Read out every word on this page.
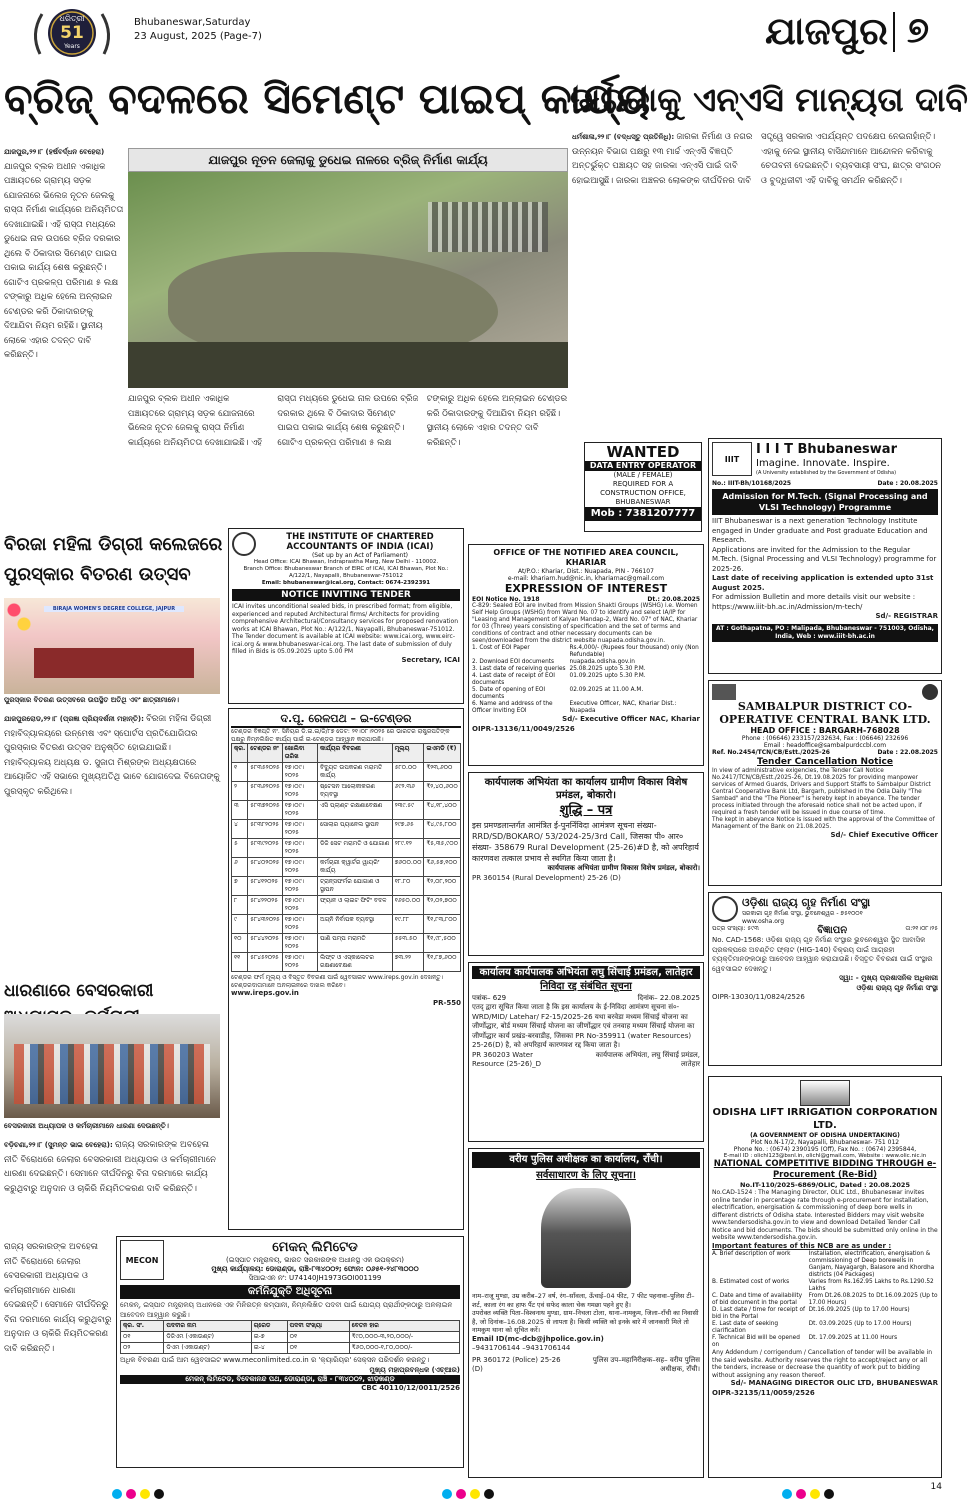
ଧରିତ୍ରୀ
51
Years
Bhubaneswar,Saturday
23 August, 2025 (Page-7)	ଯାଜପୁର ୭
ବ୍ରିଜ୍ ବଦଳରେ ସିମେଣ୍ଟ ପାଇପ୍ କାର୍ଯ୍ୟ
ଜାରକାକୁ ଏନ୍‌ଏସି ମାନ୍ୟତା ଦାବି
ଯାଜପୁର,୨୨।୮ (ହର୍ଷବର୍ଦ୍ଧନ ବେହେରା)
ଯାଜପୁର ବ୍ଲକ ଅଧୀନ ଏକାଧିକ ପଞ୍ଚାୟତରେ ଗ୍ରାମ୍ୟ ସଡ଼କ ଯୋଜନାରେ ଭିଲେଜ ନୂତନ ଜେଲକୁ ରାସ୍ତା ନିର୍ମାଣ କାର୍ଯ୍ୟରେ ଅନିୟମିତତା ଦେଖାଯାଇଛି। ଏହି ରାସ୍ତା ମଧ୍ୟରେ ଡୁଧେଇ ନାଳ ଉପରେ ବ୍ରିଜ ଦରକାର ଥିଲେ ବି ଠିକାଦାର ସିମେଣ୍ଟ ପାଇପ ପକାଇ କାର୍ଯ୍ୟ ଶେଷ କରୁଛନ୍ତି। ଗୋଟିଏ ପ୍ରକଳ୍ପ ପରିମାଣ ୫ ଲକ୍ଷ ଟଙ୍କାରୁ ଅଧିକ ହେଲେ ଅନ୍ଲାଇନ ଟେଣ୍ଡର କରି ଠିକାଦାରଙ୍କୁ ଦିଆଯିବା ନିୟମ ରହିଛି। ସ୍ଥାନୀୟ ଲୋକେ ଏହାର ତଦନ୍ତ ଦାବି କରିଛନ୍ତି।
ଯାଜପୁର ନୂତନ ଜେଲାକୁ ଡୁଧେଇ ନାଳରେ ବ୍ରିଜ୍ ନିର୍ମାଣ କାର୍ଯ୍ୟ
ଯାଜପୁର ବ୍ଲକ ଅଧୀନ ଏକାଧିକ ପଞ୍ଚାୟତରେ ଗ୍ରାମ୍ୟ ସଡ଼କ ଯୋଜନାରେ ଭିଲେଜ ନୂତନ ଜେଲକୁ ରାସ୍ତା ନିର୍ମାଣ କାର୍ଯ୍ୟରେ ଅନିୟମିତତା ଦେଖାଯାଇଛି। ଏହି ରାସ୍ତା ମଧ୍ୟରେ ଡୁଧେଇ ନାଳ ଉପରେ ବ୍ରିଜ ଦରକାର ଥିଲେ ବି ଠିକାଦାର ସିମେଣ୍ଟ ପାଇପ ପକାଇ କାର୍ଯ୍ୟ ଶେଷ କରୁଛନ୍ତି। ଗୋଟିଏ ପ୍ରକଳ୍ପ ପରିମାଣ ୫ ଲକ୍ଷ ଟଙ୍କାରୁ ଅଧିକ ହେଲେ ଅନ୍ଲାଇନ ଟେଣ୍ଡର କରି ଠିକାଦାରଙ୍କୁ ଦିଆଯିବା ନିୟମ ରହିଛି। ସ୍ଥାନୀୟ ଲୋକେ ଏହାର ତଦନ୍ତ ଦାବି କରିଛନ୍ତି।
ଧର୍ମଶାଳା,୨୨।୮ (ବଦ୍ଧସ୍ତୁ ପ୍ରତିନିଧି): ଜାରକା ନିର୍ମାଣ ଓ ନଗର ଉନ୍ନୟନ ବିଭାଗ ପକ୍ଷରୁ ୧୩ ମାର୍ଚ୍ଚ ଏନ୍‌ଏସି ବିଜ୍ଞପ୍ତି ଅନ୍ତର୍ଭୁକ୍ତ ପଞ୍ଚାୟତ ସହ ଜାରକା ଏନ୍‌ଏସି ପାଇଁ ଦାବି ହୋଇଆସୁଛି। ଜାରକା ଅଞ୍ଚଳର ଲୋକଙ୍କ ଦୀର୍ଘଦିନର ଦାବି ସତ୍ତ୍ୱେ ସରକାର ଏପର୍ଯ୍ୟନ୍ତ ପଦକ୍ଷେପ ନେଇନାହାଁନ୍ତି। ଏହାକୁ ନେଇ ସ୍ଥାନୀୟ ବାସିନ୍ଦାମାନେ ଆନ୍ଦୋଳନ କରିବାକୁ ଚେତାବନୀ ଦେଇଛନ୍ତି। ବ୍ୟବସାୟୀ ସଂଘ, ଛାତ୍ର ସଂଗଠନ ଓ ବୁଦ୍ଧିଜୀବୀ ଏହି ଦାବିକୁ ସମର୍ଥନ କରିଛନ୍ତି।
ବିରଜା ମହିଳା ଡିଗ୍ରୀ କଲେଜରେ ପୁରସ୍କାର ବିତରଣ ଉତ୍ସବ
BIRAJA WOMEN'S DEGREE COLLEGE, JAJPUR
ପୁରସ୍କାର ବିତରଣ ଉତ୍ସବରେ ଉପସ୍ଥିତ ଅତିଥି ଏବଂ ଛାତ୍ରୀମାନେ।
ଯାଜପୁରରୋଡ,୨୨।୮ (ପ୍ରଜ୍ଞା ପ୍ରିୟଦର୍ଶନୀ ମହାନ୍ତି): ବିରଜା ମହିଳା ଡିଗ୍ରୀ ମହାବିଦ୍ୟାଳୟରେ ଉନ୍ମେଷ ଏବଂ ସ୍ପୋର୍ଟସ ପ୍ରତିଯୋଗିତାର ପୁରସ୍କାର ବିତରଣ ଉତ୍ସବ ଅନୁଷ୍ଠିତ ହୋଇଯାଇଛି। ମହାବିଦ୍ୟାଳୟ ଅଧ୍ୟକ୍ଷ ଡ. ସୁଜାତା ମିଶ୍ରଙ୍କ ଅଧ୍ୟକ୍ଷତାରେ ଆୟୋଜିତ ଏହି ସଭାରେ ମୁଖ୍ୟଅତିଥି ଭାବେ ଯୋଗଦେଇ ବିଜେତାଙ୍କୁ ପୁରସ୍କୃତ କରିଥିଲେ।
ଧାରଣାରେ ବେସରକାରୀ
ବେସରକାରୀ ଅଧ୍ୟାପକ ଓ କର୍ମଚାରୀମାନେ ଧାରଣା ଦେଉଛନ୍ତି।
ବଡ଼ିଚଣା,୨୨।୮ (ସୁମନ୍ତ ଭାଇ ବେହେରା): ରାଜ୍ୟ ସରକାରଙ୍କ ଅବହେଳା ନୀତି ବିରୋଧରେ ଜେଲାର ବେସରକାରୀ ଅଧ୍ୟାପକ ଓ କର୍ମଚାରୀମାନେ ଧାରଣା ଦେଇଛନ୍ତି। ସେମାନେ ଦୀର୍ଘଦିନରୁ ବିନା ଦରମାରେ କାର୍ଯ୍ୟ କରୁଥିବାରୁ ଅନୁଦାନ ଓ ଚାକିରି ନିୟମିତକରଣ ଦାବି କରିଛନ୍ତି।
ରାଜ୍ୟ ସରକାରଙ୍କ ଅବହେଳା ନୀତି ବିରୋଧରେ ଜେଲାର ବେସରକାରୀ ଅଧ୍ୟାପକ ଓ କର୍ମଚାରୀମାନେ ଧାରଣା ଦେଇଛନ୍ତି। ସେମାନେ ଦୀର୍ଘଦିନରୁ ବିନା ଦରମାରେ କାର୍ଯ୍ୟ କରୁଥିବାରୁ ଅନୁଦାନ ଓ ଚାକିରି ନିୟମିତକରଣ ଦାବି କରିଛନ୍ତି।
WANTED
DATA ENTRY OPERATOR
(MALE / FEMALE)
REQUIRED FOR A
CONSTRUCTION OFFICE,
BHUBANESWAR
Mob : 7381207777
IIIT
I I I T Bhubaneswar
Imagine. Innovate. Inspire.
(A University established by the Government of Odisha)
No.: IIIT-Bh/10168/2025	Date : 20.08.2025
Admission for M.Tech. (Signal Processing and VLSI Technology) Programme
IIIT Bhubaneswar is a next generation Technology Institute engaged in Under graduate and Post graduate Education and Research.
Applications are invited for the Admission to the Regular M.Tech. (Signal Processing and VLSI Technology) programme for 2025-26.
Last date of receiving application is extended upto 31st August 2025.
For admission Bulletin and more details visit our website : https://www.iiit-bh.ac.in/Admission/m-tech/
Sd/- REGISTRAR
AT : Gothapatna, PO : Malipada, Bhubaneswar - 751003, Odisha, India, Web : www.iiit-bh.ac.in
THE INSTITUTE OF CHARTERED ACCOUNTANTS OF INDIA (ICAI)
(Set up by an Act of Parliament)
Head Office: ICAI Bhawan, Indraprastha Marg, New Delhi - 110002.
Branch Office: Bhubaneswar Branch of EIRC of ICAI, ICAI Bhawan, Plot No.: A/122/1, Nayapalli, Bhubaneswar-751012
Email: bhubaneswar@icai.org, Contact: 0674-2392391
NOTICE INVITING TENDER
ICAI invites unconditional sealed bids, in prescribed format; from eligible, experienced and reputed Architectural firms/ Architects for providing comprehensive Architectural/Consultancy services for proposed renovation works at ICAI Bhawan, Plot No.: A/122/1, Nayapalli, Bhubaneswar-751012.
The Tender document is available at ICAI website: www.icai.org, www.eirc-icai.org & www.bhubaneswar-icai.org. The last date of submission of duly filled in Bids is 05.09.2025 upto 5.00 PM
Secretary, ICAI
OFFICE OF THE NOTIFIED AREA COUNCIL, KHARIAR
At/P.O.: Khariar, Dist.: Nuapada, PIN - 766107
e-mail: khariarn.hud@nic.in, khariarnac@gmail.com
EXPRESSION OF INTEREST
EOI Notice No. 1918	Dt.: 20.08.2025
C-829: Sealed EOI are invited from Mission Shakti Groups (WSHG) i.e. Women Self Help Groups (WSHG) from Ward No. 07 to identify and select IA/IP for "Leasing and Management of Kalyan Mandap-2, Ward No. 07" of NAC, Khariar for 03 (Three) years consisting of specification and the set of terms and conditions of contract and other necessary documents can be seen/downloaded from the district website nuapada.odisha.gov.in.
1. Cost of EOI Paper	Rs.4,000/- (Rupees four thousand) only (Non Refundable)
2. Download EOI documents	nuapada.odisha.gov.in
3. Last date of receiving queries 25.08.2025 upto 5.30 P.M.
4. Last date of receipt of EOI documents
01.09.2025 upto 5.30 P.M.
5. Date of opening of EOI documents
02.09.2025 at 11.00 A.M.
6. Name and address of the Officer Inviting EOI
Executive Officer, NAC, Khariar Dist.: Nuapada
Sd/- Executive Officer NAC, Khariar
OIPR-13136/11/0049/2526
ଦ.ପୂ. ରେଳପଥ – ଇ-ଟେଣ୍ଡର
ଟେଣ୍ଡର ବିଜ୍ଞପ୍ତି ନଂ. ସିନିୟର ଡି.ଇ.ଇ/ଜି/୮୭ ଡେଟ: ୨୧।୦୮।୨୦୨୫ ରେ ଭାରତର ରାଷ୍ଟ୍ରପତିଙ୍କ ପକ୍ଷରୁ ନିମ୍ନଲିଖିତ କାର୍ଯ୍ୟ ପାଇଁ ଇ-ଟେଣ୍ଡର ଆହ୍ୱାନ କରାଯାଉଛି।
କ୍ର.	ଟେଣ୍ଡର ନଂ	ଖୋଲିବା ତାରିଖ	କାର୍ଯ୍ୟର ବିବରଣୀ	ମୂଲ୍ୟ	ଇଏମଡି (₹)
୧	୫୮୩୫୨୦୨୫	୧୭।୦୯।୨୦୨୫	ବିଦ୍ୟୁତ ଉପକରଣ ମରାମତି କାର୍ଯ୍ୟ	୫୮୦.୦୦	₹୨୩,୬୦୦
୨	୫୮୩୬୨୦୨୫	୧୭।୦୯।୨୦୨୫	ଷ୍ଟେସନ ଆଲୋକୀକରଣ ବ୍ୟବସ୍ଥା	୬୯୨.୩୬	₹୨,୪୦,୬୦୦
୩	୫୮୩୭୨୦୨୫	୧୭।୦୯।୨୦୨୫	ଏସି ପ୍ଲାଣ୍ଟ ରକ୍ଷଣାବେକ୍ଷଣ	୨୩୯.୫୯	₹୪,୧୮,୪୦୦
୪	୫୮୩୮୨୦୨୫	୧୭।୦୯।୨୦୨୫	ସୋଲାର ପ୍ୟାନେଲ ସ୍ଥାପନ	୨୯୭.୬୫	₹୪,୯୫,୮୦୦
୫	୫୮୩୯୨୦୨୫	୧୭।୦୯।୨୦୨୫	ଡିଜି ସେଟ ମରାମତି ଓ ଯୋଗାଣ	୨୮୯.୧୨	₹୫,୩୫,୯୦୦
୬	୫୮୪୦୨୦୨୫	୧୭।୦୯।୨୦୨୫	କର୍ମଚାରୀ କ୍ୱାର୍ଟର ୱାୟରିଂ କାର୍ଯ୍ୟ	୭୬୦୦.୦୦	₹୬,୫୭,୧୦୦
୭	୫୮୪୧୨୦୨୫	୧୭।୦୯।୨୦୨୫	ଟ୍ରାନ୍ସଫର୍ମର ଯୋଗାଣ ଓ ସ୍ଥାପନ	୧୮.୮୦	₹୨,୦୮,୨୦୦
୮	୫୮୪୨୨୦୨୫	୧୭।୦୯।୨୦୨୫	ଫ୍ୟାନ ଓ ଲାଇଟ ଫିଟିଂ ବଦଳ	୧୬୫୦.୦୦	₹୨,୦୨,୭୦୦
୯	୫୮୪୩୨୦୨୫	୧୭।୦୯।୨୦୨୫	ଅଗ୍ନି ନିର୍ବାପକ ବ୍ୟବସ୍ଥା	୧୯.୮୮	₹୧,୮୩,୮୦୦
୧୦	୫୮୪୪୨୦୨୫	୧୭।୦୯।୨୦୨୫	ପାଣି ପମ୍ପ ମରାମତି	୫୫୩.୫୦	₹୧,୯୮,୫୦୦
୧୧	୫୮୪୫୨୦୨୫	୧୭।୦୯।୨୦୨୫	ଲିଫ୍ଟ ଓ ଏସ୍କାଲେଟର ରକ୍ଷଣାବେକ୍ଷଣ	୭୩.୨୨	₹୧,୮୭,୬୦୦
ଟେଣ୍ଡର ଫର୍ମ ମୂଲ୍ୟ ଓ ବିସ୍ତୃତ ବିବରଣୀ ପାଇଁ ୱେବସାଇଟ www.ireps.gov.in ଦେଖନ୍ତୁ। ଟେଣ୍ଡରଦାତାମାନେ ଅନଲାଇନରେ ଦାଖଲ କରିବେ।
www.ireps.gov.in
PR-550
कार्यपालक अभियंता का कार्यालय ग्रामीण विकास विशेष प्रमंडल, बोकारो।
शुद्धि – पत्र
इस प्रमण्डलान्तर्गत आमंत्रित ई-पुनर्निविदा आमंत्रण सूचना संख्या- RRD/SD/BOKARO/ 53/2024-25/3rd Call, जिसका पी० आर० संख्या- 358679 Rural Development (25-26)#D है, को अपरिहार्य कारणवश तत्काल प्रभाव से स्थगित किया जाता है।
कार्यपालक अभियंता ग्रामीण विकास विशेष प्रमंडल, बोकारो।
PR 360154 (Rural Development) 25-26 (D)
कार्यालय कार्यपालक अभियंता लघु सिंचाई प्रमंडल, लातेहार
निविदा रद्द संबंधित सूचना
पत्रांक– 629	दिनांक– 22.08.2025
एतद् द्वारा सूचित किया जाता है कि इस कार्यालय के ई-निविदा आमंत्रण सूचना सं०- WRD/MID/ Latehar/ F2-15/2025-26 यथा बरवेडा मध्यम सिंचाई योजना का जीर्णोद्धार, बोर्ड मध्यम सिंचाई योजना का जीर्णोद्धार एवं तनवाह मध्यम सिंचाई योजना का जीर्णोद्धार कार्य प्रखंड-बरवाडीह, जिसका PR No-359911 (water Resources) 25-26(D) है, को अपरिहार्य कारणवश रद्द किया जाता है।
PR 360203 Water Resource (25-26)_D
कार्यपालक अभियंता, लघु सिंचाई प्रमंडल, लातेहार
वरीय पुलिस अधीक्षक का कार्यालय, राँची।
सर्वसाधारण के लिए सूचना।
नाम–राजू मुण्डा, उम्र करीब–27 वर्ष, रंग–साँवला, ऊँचाई–04 फीट, 7 फीट पहनावा–पुलिस टी–शर्ट, काला रंग का हाफ पैंट एवं सफेद काला चेक गमछा पहने हुए है।
उपरोक्त व्यक्ति पिता–विश्वनाथ मुण्डा, ग्राम–निचला टोला, थाना–नामकुम, जिला–राँची का निवासी है, जो दिनांक–16.08.2025 से लापता है। किसी व्यक्ति को इनके बारे में जानकारी मिले तो नामकुम थाना को सूचित करें।
Email ID(mc-dcb@jhpolice.gov.in)
–9431706144 –9431706144
PR 360172 (Police) 25-26 (D)
पुलिस उप–महानिरीक्षक–सह– वरीय पुलिस अधीक्षक, राँची।
SAMBALPUR DISTRICT CO-OPERATIVE CENTRAL BANK LTD.
HEAD OFFICE : BARGARH-768028
Phone : (06646) 233157/232634, Fax : (06646) 232696
Email : headoffice@sambalpurdccbl.com
Ref. No.2454/TCN/CB/Estt./2025-26	Date : 22.08.2025
Tender Cancellation Notice
In view of administrative exigencies, the Tender Call Notice No.2417/TCN/CB/Estt./2025-26, Dt.19.08.2025 for providing manpower services of Armed Guards, Drivers and Support Staffs to Sambalpur District Central Cooperative Bank Ltd, Bargarh, published in the Odia Daily "The Sambad" and the "The Pioneer" is hereby kept in abeyance. The tender process initiated through the aforesaid notice shall not be acted upon, if required a fresh tender will be issued in due course of time.
The kept in abeyance Notice is issued with the approval of the Committee of Management of the Bank on 21.08.2025.
Sd/- Chief Executive Officer
ଓଡ଼ିଶା ରାଜ୍ୟ ଗୃହ ନିର୍ମାଣ ସଂସ୍ଥା
ସରକାରୀ ଗୃହ ନିର୍ମାଣ ସଂସ୍ଥା, ଭୁବନେଶ୍ୱର - ୭୫୧୦୦୧
www.osha.org
ପତ୍ର ସଂଖ୍ୟା: ୫୯୩	ବିଜ୍ଞାପନ	ତା:୨୧।୦୮।୨୫
No. CAD-1568: ଓଡ଼ିଶା ରାଜ୍ୟ ଗୃହ ନିର୍ମାଣ ସଂସ୍ଥାର ଭୁବନେଶ୍ୱର ସ୍ଥିତ ଆବାସିକ ପ୍ରକଳ୍ପରେ ଅବଣ୍ଟିତ ଫ୍ଲାଟ (HIG-140) ବିକ୍ରୟ ପାଇଁ ଆଗ୍ରହୀ ବ୍ୟକ୍ତିମାନଙ୍କଠାରୁ ଆବେଦନ ଆହ୍ୱାନ କରାଯାଉଛି। ବିସ୍ତୃତ ବିବରଣୀ ପାଇଁ ସଂସ୍ଥାର ୱେବସାଇଟ ଦେଖନ୍ତୁ।
ସ୍ୱା: - ମୁଖ୍ୟ ପ୍ରଶାସନିକ ଅଧିକାରୀ
ଓଡ଼ିଶା ରାଜ୍ୟ ଗୃହ ନିର୍ମାଣ ସଂସ୍ଥା
OIPR-13030/11/0824/2526
ODISHA LIFT IRRIGATION CORPORATION LTD.
(A GOVERNMENT OF ODISHA UNDERTAKING)
Plot No.N-17/2, Nayapalli, Bhubaneswar- 751 012
Phone No. : (0674) 2390195 (Off), Fax No. : (0674) 2395844,
E-mail ID : olichl123@bsnl.in, olichl@gmail.com, Website : www.olic.nic.in
NATIONAL COMPETITIVE BIDDING THROUGH e-Procurement (Re-Bid)
No.IT-110/2025-6869/OLIC, Dated : 20.08.2025
No.CAD-1524 : The Managing Director, OLIC Ltd., Bhubaneswar invites online tender in percentage rate through e-procurement for installation, electrification, energisation & commissioning of deep bore wells in different districts of Odisha state. Interested Bidders may visit website www.tendersodisha.gov.in to view and download Detailed Tender Call Notice and bid documents. The bids should be submitted only online in the website www.tendersodisha.gov.in.
Important features of this NCB are as under :
A. Brief description of work	Installation, electrification, energisation & commissioning of Deep borewells in Ganjam, Nayagargh, Balasore and Khordha districts (04 Packages)
B. Estimated cost of works	Varies from Rs.162.95 Lakhs to Rs.1290.52 Lakhs
C. Date and time of availability of bid document in the portal
From Dt.26.08.2025 to Dt.16.09.2025 (Up to 17.00 Hours)
D. Last date / time for receipt of bid in the Portal
Dt.16.09.2025 (Up to 17.00 Hours)
E. Last date of seeking clarification
Dt. 03.09.2025 (Up to 17.00 Hours)
F. Technical Bid will be opened on
Dt. 17.09.2025 at 11.00 Hours
Any Addendum / corrigendum / Cancellation of tender will be available in the said website. Authority reserves the right to accept/reject any or all the tenders, increase or decrease the quantity of work put to bidding without assigning any reason thereof.
Sd/- MANAGING DIRECTOR OLIC LTD, BHUBANESWAR
OIPR-32135/11/0059/2526
MECON
ମେକନ୍ ଲିମିଟେଡ
(ଇସ୍ପାତ ମନ୍ତ୍ରାଳୟ, ଭାରତ ସରକାରଙ୍କ ଅଧୀନସ୍ଥ ଏକ ଉପକ୍ରମ)
ମୁଖ୍ୟ କାର୍ଯ୍ୟାଳୟ: ଡୋରାଣ୍ଡା, ରାଞ୍ଚି-୮୩୪୦୦୨; ଫୋନ: ୦୬୫୧-୨୪୮୩୦୦୦
ସିଆଇଏନ ନଂ: U74140JH1973GOI001199
କର୍ମନିଯୁକ୍ତି ଅଧିସୂଚନା
ମେକନ୍, ଇସ୍ପାତ ମନ୍ତ୍ରାଳୟ ଅଧୀନରେ ଏକ ମିନିରତ୍ନ କମ୍ପାନୀ, ନିମ୍ନଲିଖିତ ପଦବୀ ପାଇଁ ଯୋଗ୍ୟ ପ୍ରାର୍ଥୀଙ୍କଠାରୁ ଅନଲାଇନ ଆବେଦନ ଆହ୍ୱାନ କରୁଛି।
କ୍ର. ସଂ.	ପଦବୀର ନାମ	ଗ୍ରେଡ	ପଦବୀ ସଂଖ୍ୟା	ବେତନ ହାର
୦୧	ଡିଜିଏମ (ଏକାଉଣ୍ଟ)	ଇ-୭	୦୧	₹୯୦,୦୦୦-୩,୨୦,୦୦୦/-
୦୨	ଡିଏମ (ଏକାଉଣ୍ଟ)	ଇ-୪	୦୧	₹୬୦,୦୦୦-୧,୮୦,୦୦୦/-
ଅଧିକ ବିବରଣୀ ପାଇଁ ଆମ ୱେବସାଇଟ www.meconlimited.co.in ର 'କ୍ୟାରିୟର' ସେକ୍ସନ ପରିଦର୍ଶନ କରନ୍ତୁ।
ମୁଖ୍ୟ ମହାପ୍ରବନ୍ଧକ (ଏଚ୍‌ଆର)
ମେକନ୍ ଲିମିଟେଡ, ବିବେକାନନ୍ଦ ପଥ, ଡୋରାଣ୍ଡା, ରାଞ୍ଚି - ୮୩୪୦୦୨, ଝାଡ଼ଖଣ୍ଡ
CBC 40110/12/0011/2526
14
